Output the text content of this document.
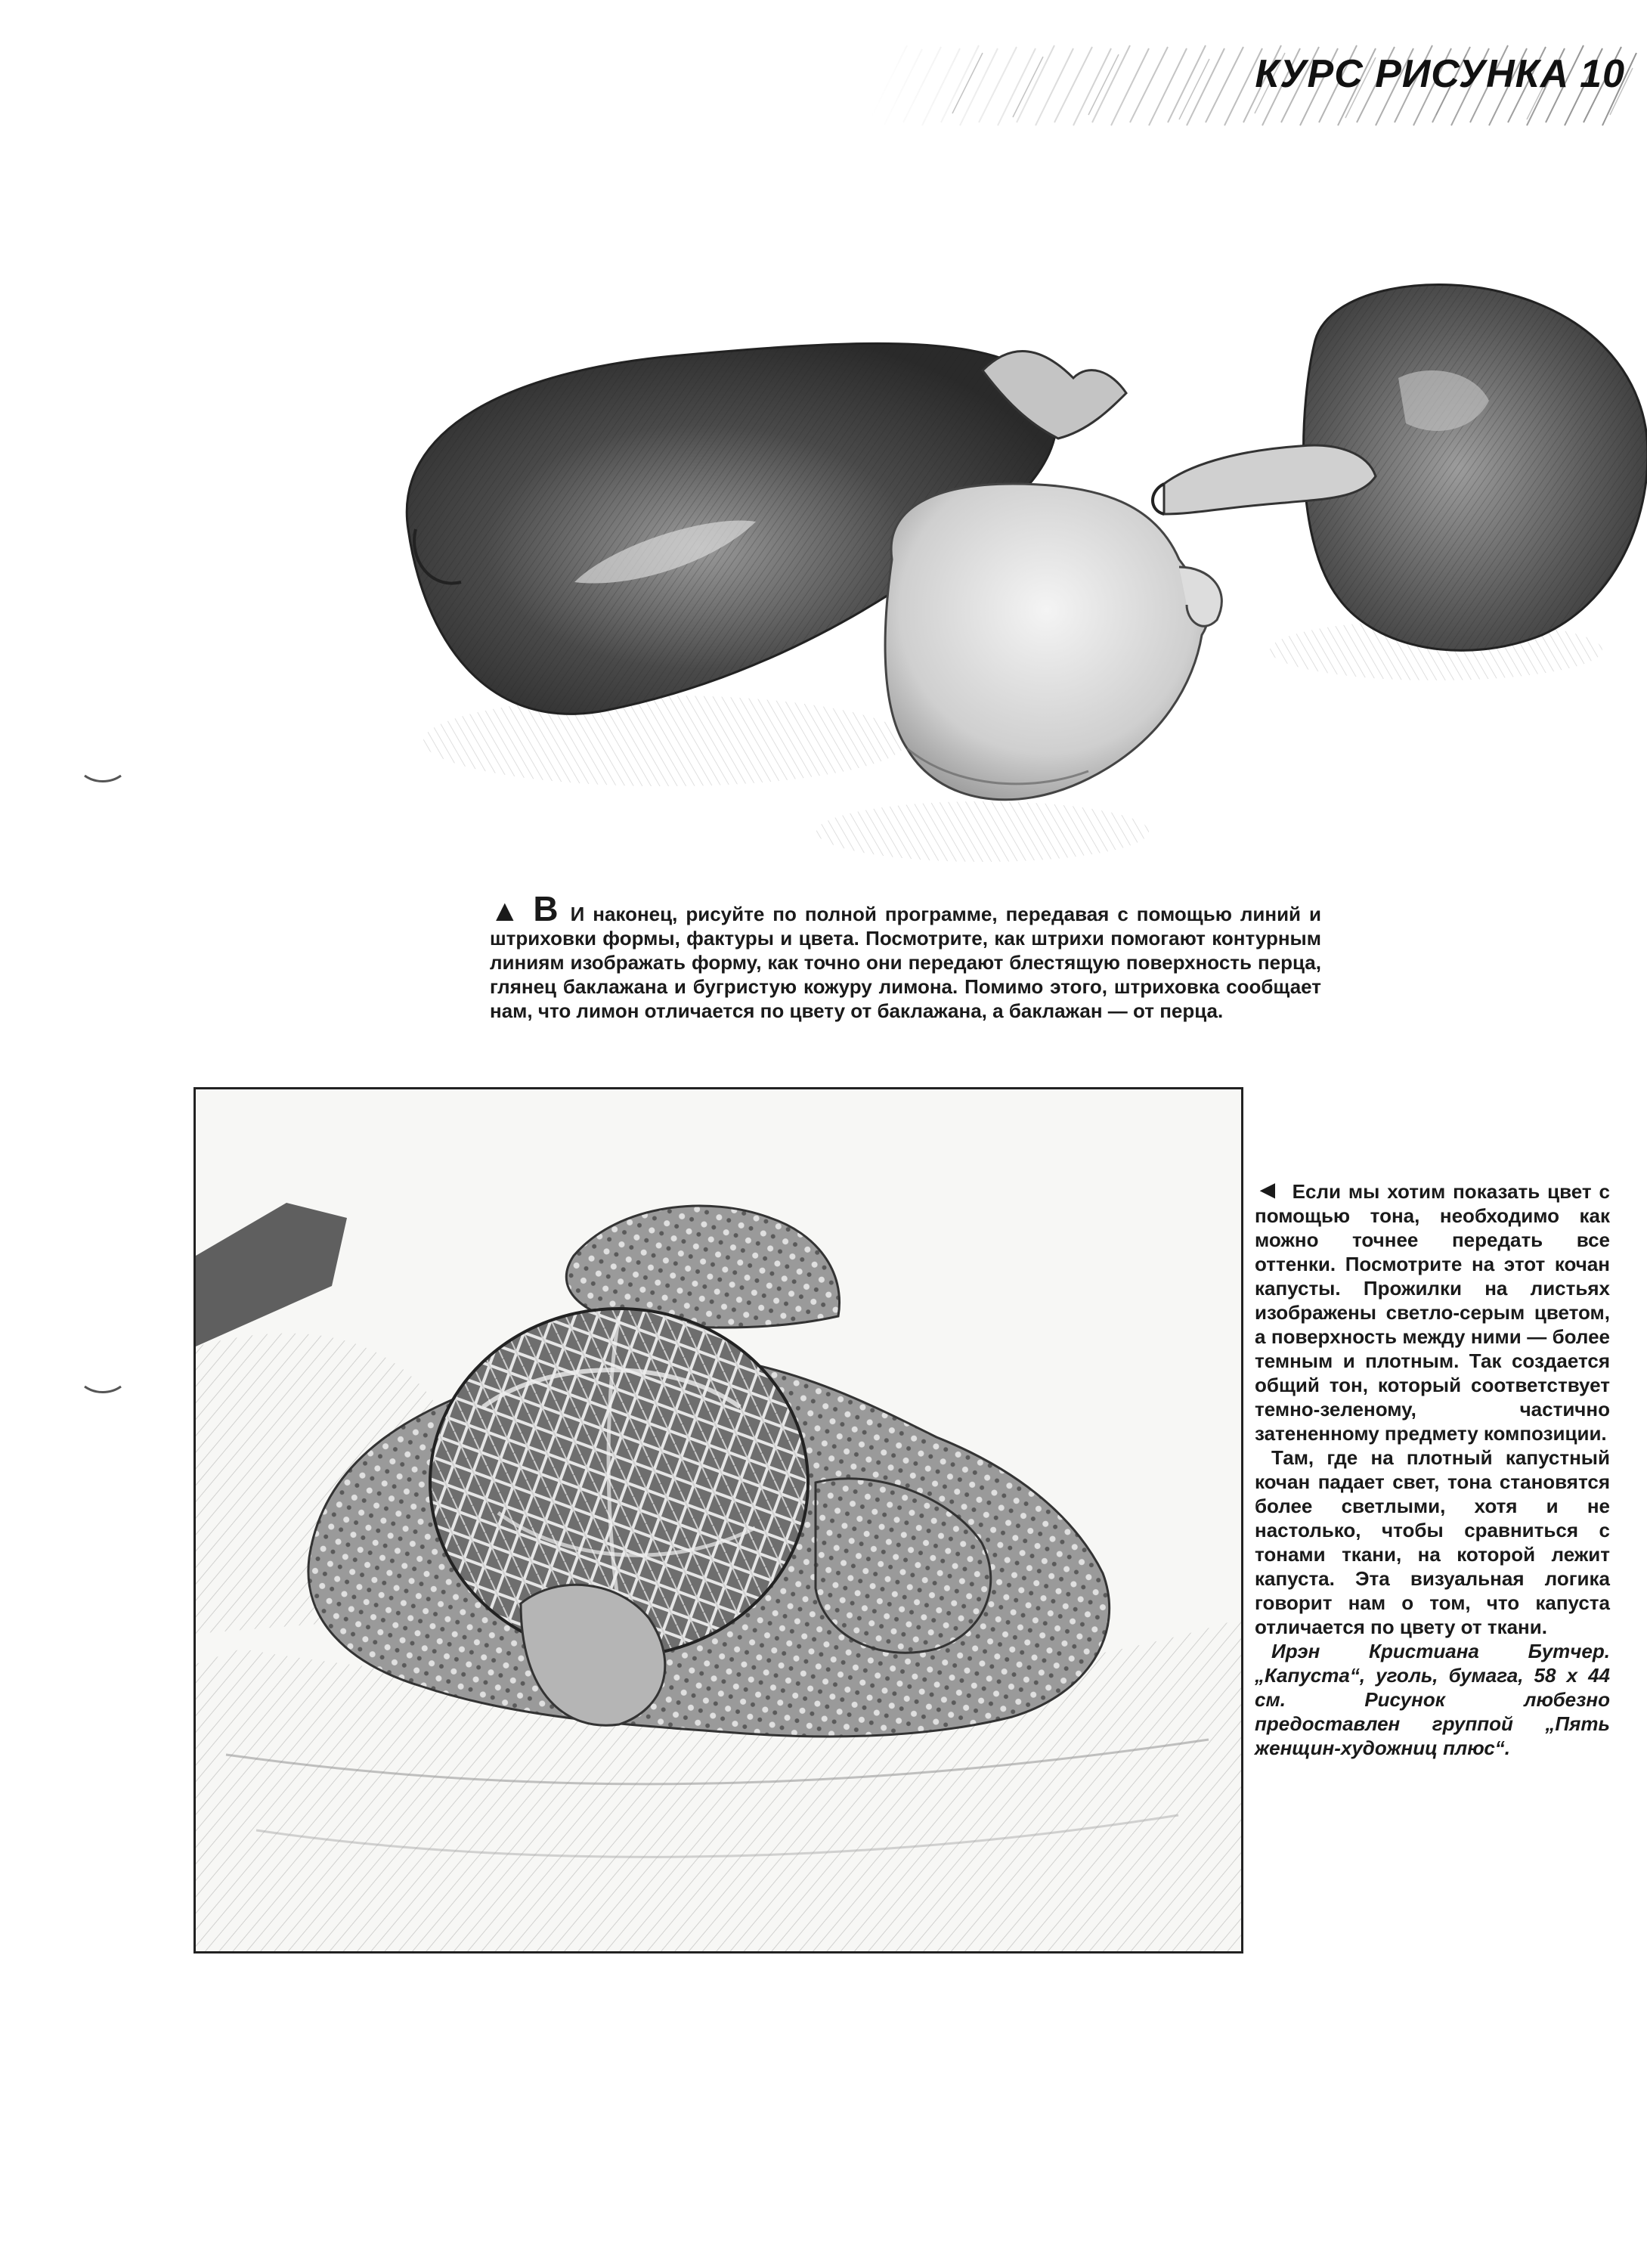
КУРС РИСУНКА 10
▲ В И наконец, рисуйте по полной программе, передавая с помощью линий и штриховки формы, фактуры и цвета. Посмотрите, как штрихи помогают контурным линиям изображать форму, как точно они передают блестящую поверхность перца, глянец баклажана и бугристую кожуру лимона. Помимо этого, штриховка сообщает нам, что лимон отличается по цвету от баклажана, а баклажан — от перца.

◄ Если мы хотим показать цвет с помощью тона, необходимо как можно точнее передать все оттенки. Посмотрите на этот кочан капусты. Прожилки на листьях изображены светло-серым цветом, а поверхность между ними — более темным и плотным. Так создается общий тон, который соответствует темно-зеленому, частично затененному предмету композиции.

Там, где на плотный капустный кочан падает свет, тона становятся более светлыми, хотя и не настолько, чтобы сравниться с тонами ткани, на которой лежит капуста. Эта визуальная логика говорит нам о том, что капуста отличается по цвету от ткани.

Ирэн Кристиана Бутчер. „Капуста“, уголь, бумага, 58 х 44 см. Рисунок любезно предоставлен группой „Пять женщин-художниц плюс“.
